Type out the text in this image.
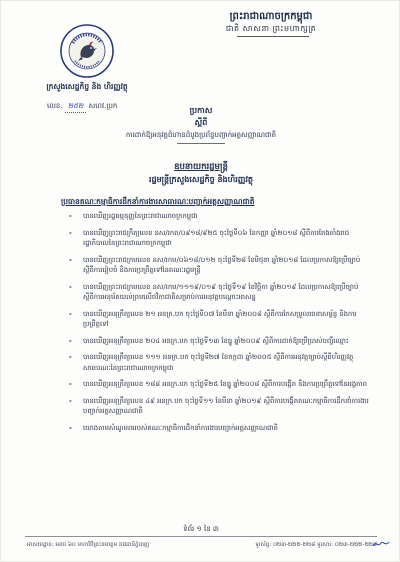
ក្រសួងសេដ្ឋកិច្ច និង ហិរញ្ញវត្ថុ
លេខ. ២៥២ សហវ.ប្រក
ព្រះរាជាណាចក្រកម្ពុជា
ជាតិ សាសនា ព្រះមហាក្សត្រ
ប្រកាស
ស្តីពី
ការដាក់ឱ្យអនុវត្តជំហានដំបូងប្រព័ន្ធបញ្ជាក់អត្តសញ្ញាណជាតិ
ឧបនាយករដ្ឋមន្ត្រី
រដ្ឋមន្ត្រីក្រសួងសេដ្ឋកិច្ច និងហិរញ្ញវត្ថុ
ប្រធានគណៈកម្មាធិការដឹកនាំការងារសាធារណៈបញ្ជាក់អត្តសញ្ញាណជាតិ
- បានឃើញរដ្ឋធម្មនុញ្ញនៃព្រះរាជាណាចក្រកម្ពុជា
- បានឃើញព្រះរាជក្រឹត្យលេខ នស/រកត/០៩១៨/៩២៥ ចុះថ្ងៃទី០៦ ខែកញ្ញា ឆ្នាំ២០១៨ ស្តីពីការតែងតាំងរាជរដ្ឋាភិបាលនៃព្រះរាជាណាចក្រកម្ពុជា
- បានឃើញព្រះរាជក្រមលេខ នស/រកម/០៦១៨/០១២ ចុះថ្ងៃទី២៨ ខែមិថុនា ឆ្នាំ២០១៨ ដែលប្រកាសឱ្យប្រើច្បាប់ស្តីពីការរៀបចំ និងការប្រព្រឹត្តទៅនៃគណៈរដ្ឋមន្ត្រី
- បានឃើញព្រះរាជក្រមលេខ នស/រកម/១១១៩/០១៩ ចុះថ្ងៃទី១៩ ខែវិច្ឆិកា ឆ្នាំ២០១៩ ដែលប្រកាសឱ្យប្រើច្បាប់ស្តីពីការអនុម័តយល់ព្រមលើថវិកាជាតិសម្រាប់ការអនុវត្តបណ្តោះអាសន្ន
- បានឃើញអនុក្រឹត្យលេខ ២១ អនក្រ.បក ចុះថ្ងៃទី០៧ ខែមីនា ឆ្នាំ២០០៨ ស្តីពីការកែសម្រួលរចនាសម្ព័ន្ធ និងការប្រព្រឹត្តទៅ
- បានឃើញអនុក្រឹត្យលេខ ២០៤ អនក្រ.បក ចុះថ្ងៃទី១៣ ខែធ្នូ ឆ្នាំ២០០៩ ស្តីពីការដាក់ឱ្យប្រើប្រាស់បញ្ជីឈ្មោះ
- បានឃើញអនុក្រឹត្យលេខ ១១១ អនក្រ.បក ចុះថ្ងៃទី២៧ ខែកក្កដា ឆ្នាំ២០០៥ ស្តីពីការអនុវត្តច្បាប់ស្តីពីហិរញ្ញវត្ថុសាធារណៈនៃព្រះរាជាណាចក្រកម្ពុជា
- បានឃើញអនុក្រឹត្យលេខ ១៨៨ អនក្រ.បក ចុះថ្ងៃទី២៥ ខែធ្នូ ឆ្នាំ២០០៨ ស្តីពីការបង្កើត និងការប្រព្រឹត្តទៅនៃអង្គភាព
- បានឃើញអនុក្រឹត្យលេខ ៤៩ អនក្រ.បក ចុះថ្ងៃទី១១ ខែមីនា ឆ្នាំ២០១៩ ស្តីពីការបង្កើតគណៈកម្មាធិការដឹកនាំការងារបញ្ជាក់អត្តសញ្ញាណជាតិ
- យោងតាមសំណូមពររបស់គណៈកម្មាធិការដឹកនាំការងារបញ្ជាក់អត្តសញ្ញាណជាតិ
ទំព័រ ១ នៃ ៣
អាសយដ្ឋាន: អគារ ៦០ មហាវិថីព្រះនរោត្តម រាជធានីភ្នំពេញ	ទូរស័ព្ទ: ០២៣-២២២-២២៨ ទូរសារ: ០២៣-២២២-២២៨
